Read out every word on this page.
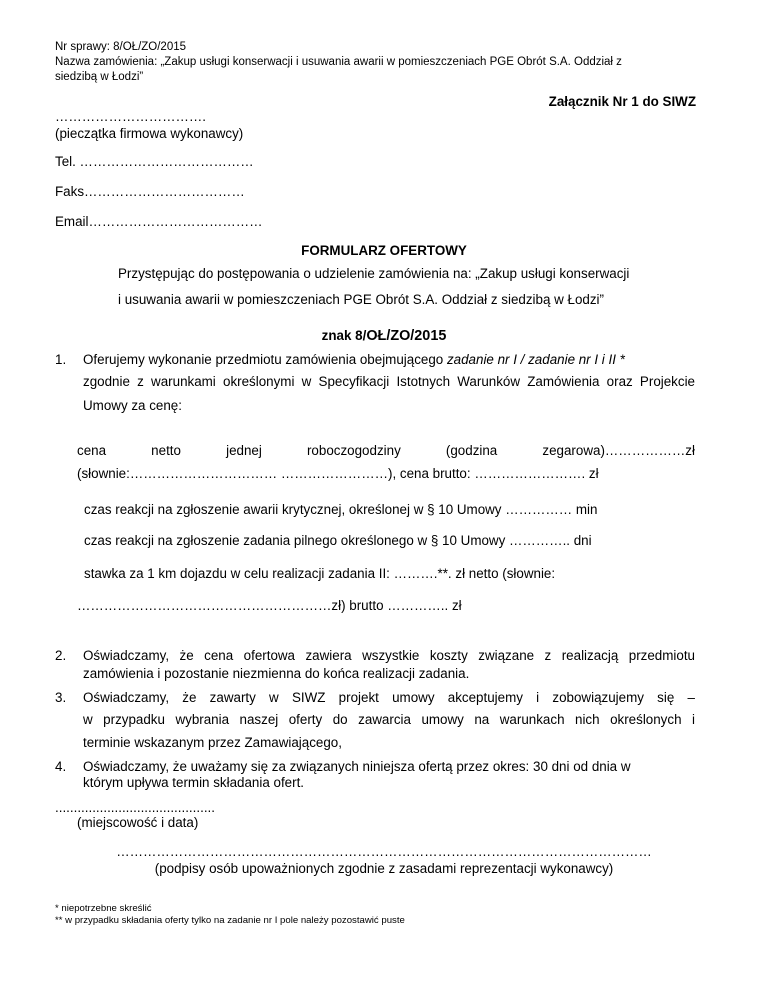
Nr sprawy: 8/OŁ/ZO/2015
Nazwa zamówienia: „Zakup usługi konserwacji i usuwania awarii w pomieszczeniach PGE Obrót S.A. Oddział z
siedzibą w Łodzi”
Załącznik Nr 1 do SIWZ
…………………………….
(pieczątka firmowa wykonawcy)
Tel. …………………………………
Faks………………………………
Email…………………………………
FORMULARZ OFERTOWY
Przystępując do postępowania o udzielenie zamówienia na: „Zakup usługi konserwacji
i usuwania awarii w pomieszczeniach PGE Obrót S.A. Oddział z siedzibą w Łodzi”
znak 8/OŁ/ZO/2015
1. Oferujemy wykonanie przedmiotu zamówienia obejmującego zadanie nr I / zadanie nr I i II *
zgodnie z warunkami określonymi w Specyfikacji Istotnych Warunków Zamówienia oraz Projekcie
Umowy za cenę:
cena	netto	jednej	roboczogodziny	(godzina	zegarowa)………………zł
(słownie:…………………………… ……………………), cena brutto: ……………………. zł
czas reakcji na zgłoszenie awarii krytycznej, określonej w § 10 Umowy …………… min
czas reakcji na zgłoszenie zadania pilnego określonego w § 10 Umowy ………….. dni
stawka za 1 km dojazdu w celu realizacji zadania II: ……….**. zł netto (słownie:
…………………………………………………zł) brutto ………….. zł
2. Oświadczamy, że cena ofertowa zawiera wszystkie koszty związane z realizacją przedmiotu
zamówienia i pozostanie niezmienna do końca realizacji zadania.
3. Oświadczamy, że zawarty w SIWZ projekt umowy akceptujemy i zobowiązujemy się –
w przypadku wybrania naszej oferty do zawarcia umowy na warunkach nich określonych i
terminie wskazanym przez Zamawiającego,
4. Oświadczamy, że uważamy się za związanych niniejsza ofertą przez okres: 30 dni od dnia w
którym upływa termin składania ofert.
...........................................
(miejscowość i data)
…………………………………………………………………………………………………………
(podpisy osób upoważnionych zgodnie z zasadami reprezentacji wykonawcy)
* niepotrzebne skreślić
** w przypadku składania oferty tylko na zadanie nr I pole należy pozostawić puste
